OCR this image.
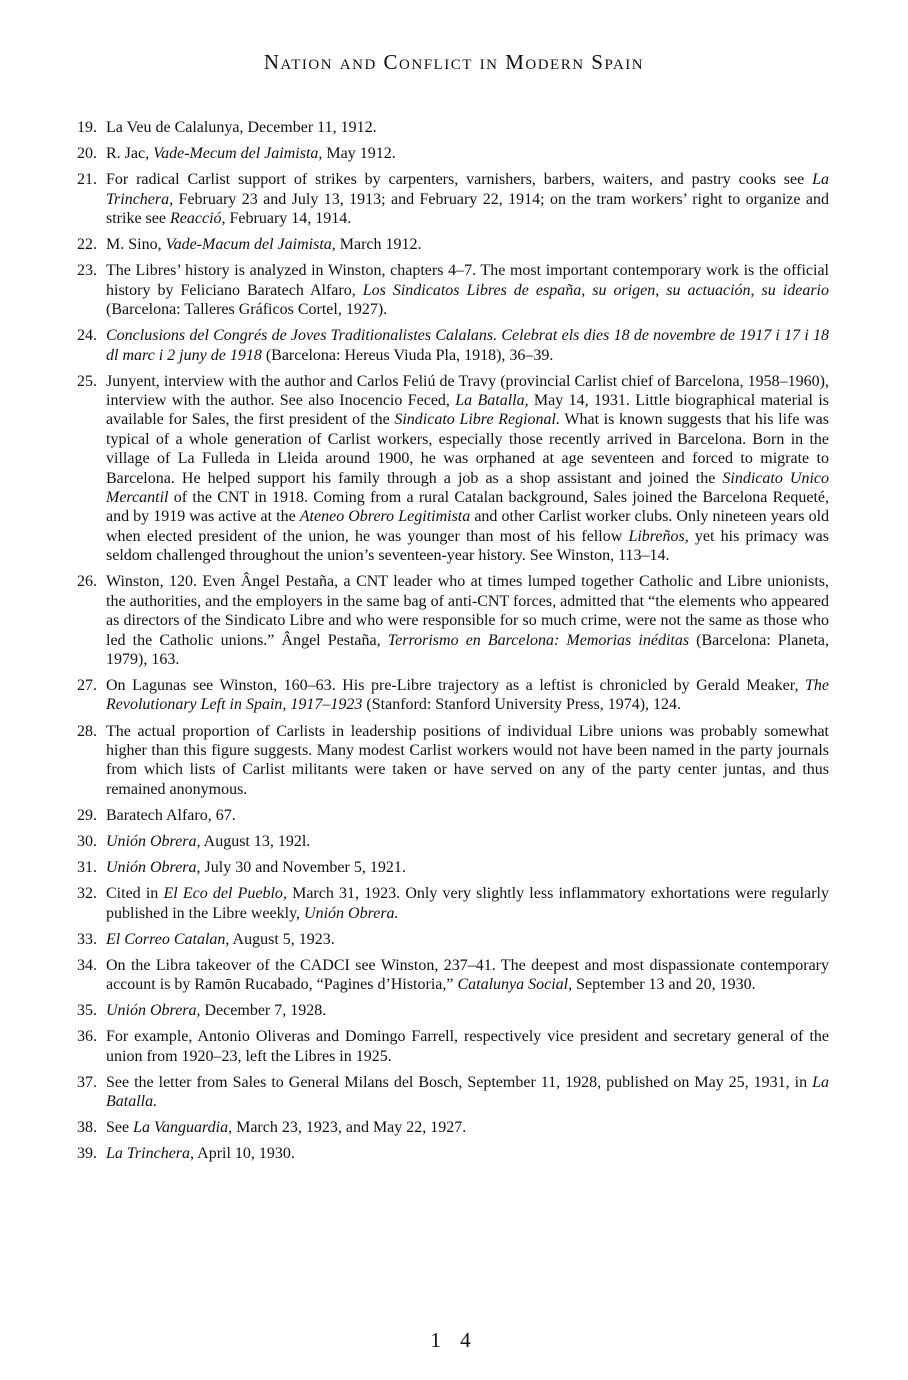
Nation and Conflict in Modern Spain
19. La Veu de Calalunya, December 11, 1912.
20. R. Jac, Vade-Mecum del Jaimista, May 1912.
21. For radical Carlist support of strikes by carpenters, varnishers, barbers, waiters, and pastry cooks see La Trinchera, February 23 and July 13, 1913; and February 22, 1914; on the tram workers’ right to organize and strike see Reacció, February 14, 1914.
22. M. Sino, Vade-Macum del Jaimista, March 1912.
23. The Libres’ history is analyzed in Winston, chapters 4–7. The most important contemporary work is the official history by Feliciano Baratech Alfaro, Los Sindicatos Libres de españa, su origen, su actuación, su ideario (Barcelona: Talleres Gráficos Cortel, 1927).
24. Conclusions del Congrés de Joves Traditionalistes Calalans. Celebrat els dies 18 de novembre de 1917 i 17 i 18 dl marc i 2 juny de 1918 (Barcelona: Hereus Viuda Pla, 1918), 36–39.
25. Junyent, interview with the author and Carlos Feliú de Travy (provincial Carlist chief of Barcelona, 1958–1960), interview with the author. See also Inocencio Feced, La Batalla, May 14, 1931. Little biographical material is available for Sales, the first president of the Sindicato Libre Regional. What is known suggests that his life was typical of a whole generation of Carlist workers, especially those recently arrived in Barcelona. Born in the village of La Fulleda in Lleida around 1900, he was orphaned at age seventeen and forced to migrate to Barcelona. He helped support his family through a job as a shop assistant and joined the Sindicato Unico Mercantil of the CNT in 1918. Coming from a rural Catalan background, Sales joined the Barcelona Requeté, and by 1919 was active at the Ateneo Obrero Legitimista and other Carlist worker clubs. Only nineteen years old when elected president of the union, he was younger than most of his fellow Libreños, yet his primacy was seldom challenged throughout the union’s seventeen-year history. See Winston, 113–14.
26. Winston, 120. Even Ângel Pestaña, a CNT leader who at times lumped together Catholic and Libre unionists, the authorities, and the employers in the same bag of anti-CNT forces, admitted that “the elements who appeared as directors of the Sindicato Libre and who were responsible for so much crime, were not the same as those who led the Catholic unions.” Ângel Pestaña, Terrorismo en Barcelona: Memorias inéditas (Barcelona: Planeta, 1979), 163.
27. On Lagunas see Winston, 160–63. His pre-Libre trajectory as a leftist is chronicled by Gerald Meaker, The Revolutionary Left in Spain, 1917–1923 (Stanford: Stanford University Press, 1974), 124.
28. The actual proportion of Carlists in leadership positions of individual Libre unions was probably somewhat higher than this figure suggests. Many modest Carlist workers would not have been named in the party journals from which lists of Carlist militants were taken or have served on any of the party center juntas, and thus remained anonymous.
29. Baratech Alfaro, 67.
30. Unión Obrera, August 13, 192l.
31. Unión Obrera, July 30 and November 5, 1921.
32. Cited in El Eco del Pueblo, March 31, 1923. Only very slightly less inflammatory exhortations were regularly published in the Libre weekly, Unión Obrera.
33. El Correo Catalan, August 5, 1923.
34. On the Libra takeover of the CADCI see Winston, 237–41. The deepest and most dispassionate contemporary account is by Ramōn Rucabado, “Pagines d’Historia,” Catalunya Social, September 13 and 20, 1930.
35. Unión Obrera, December 7, 1928.
36. For example, Antonio Oliveras and Domingo Farrell, respectively vice president and secretary general of the union from 1920–23, left the Libres in 1925.
37. See the letter from Sales to General Milans del Bosch, September 11, 1928, published on May 25, 1931, in La Batalla.
38. See La Vanguardia, March 23, 1923, and May 22, 1927.
39. La Trinchera, April 10, 1930.
1 4
